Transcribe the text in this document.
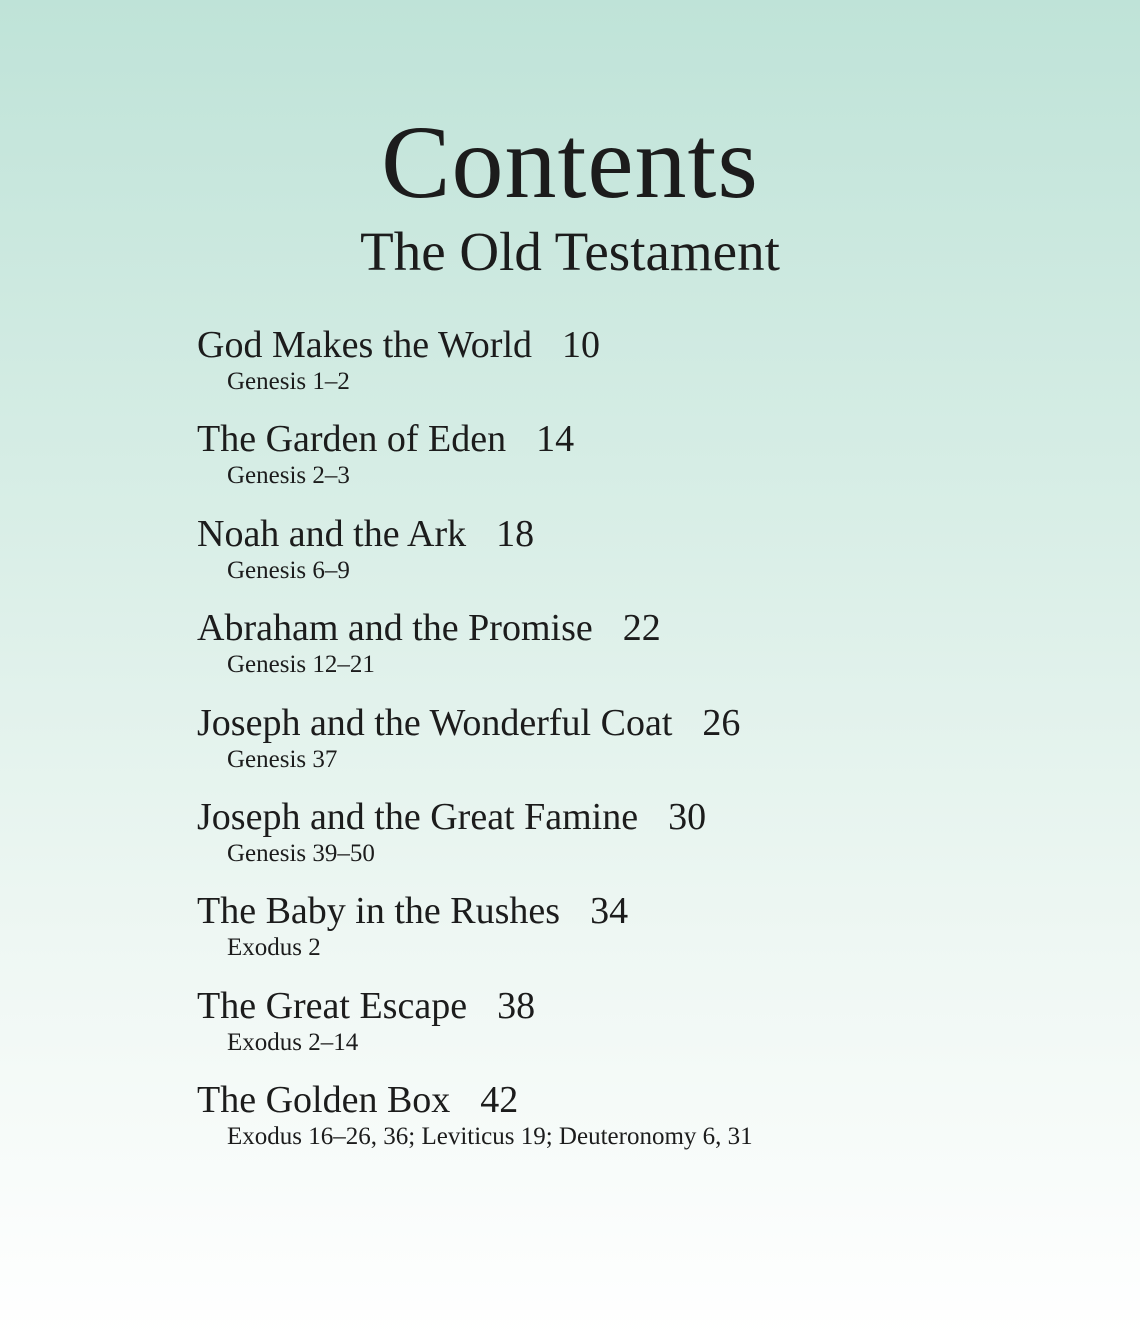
Contents
The Old Testament
God Makes the World 10
Genesis 1–2
The Garden of Eden 14
Genesis 2–3
Noah and the Ark 18
Genesis 6–9
Abraham and the Promise 22
Genesis 12–21
Joseph and the Wonderful Coat 26
Genesis 37
Joseph and the Great Famine 30
Genesis 39–50
The Baby in the Rushes 34
Exodus 2
The Great Escape 38
Exodus 2–14
The Golden Box 42
Exodus 16–26, 36; Leviticus 19; Deuteronomy 6, 31
